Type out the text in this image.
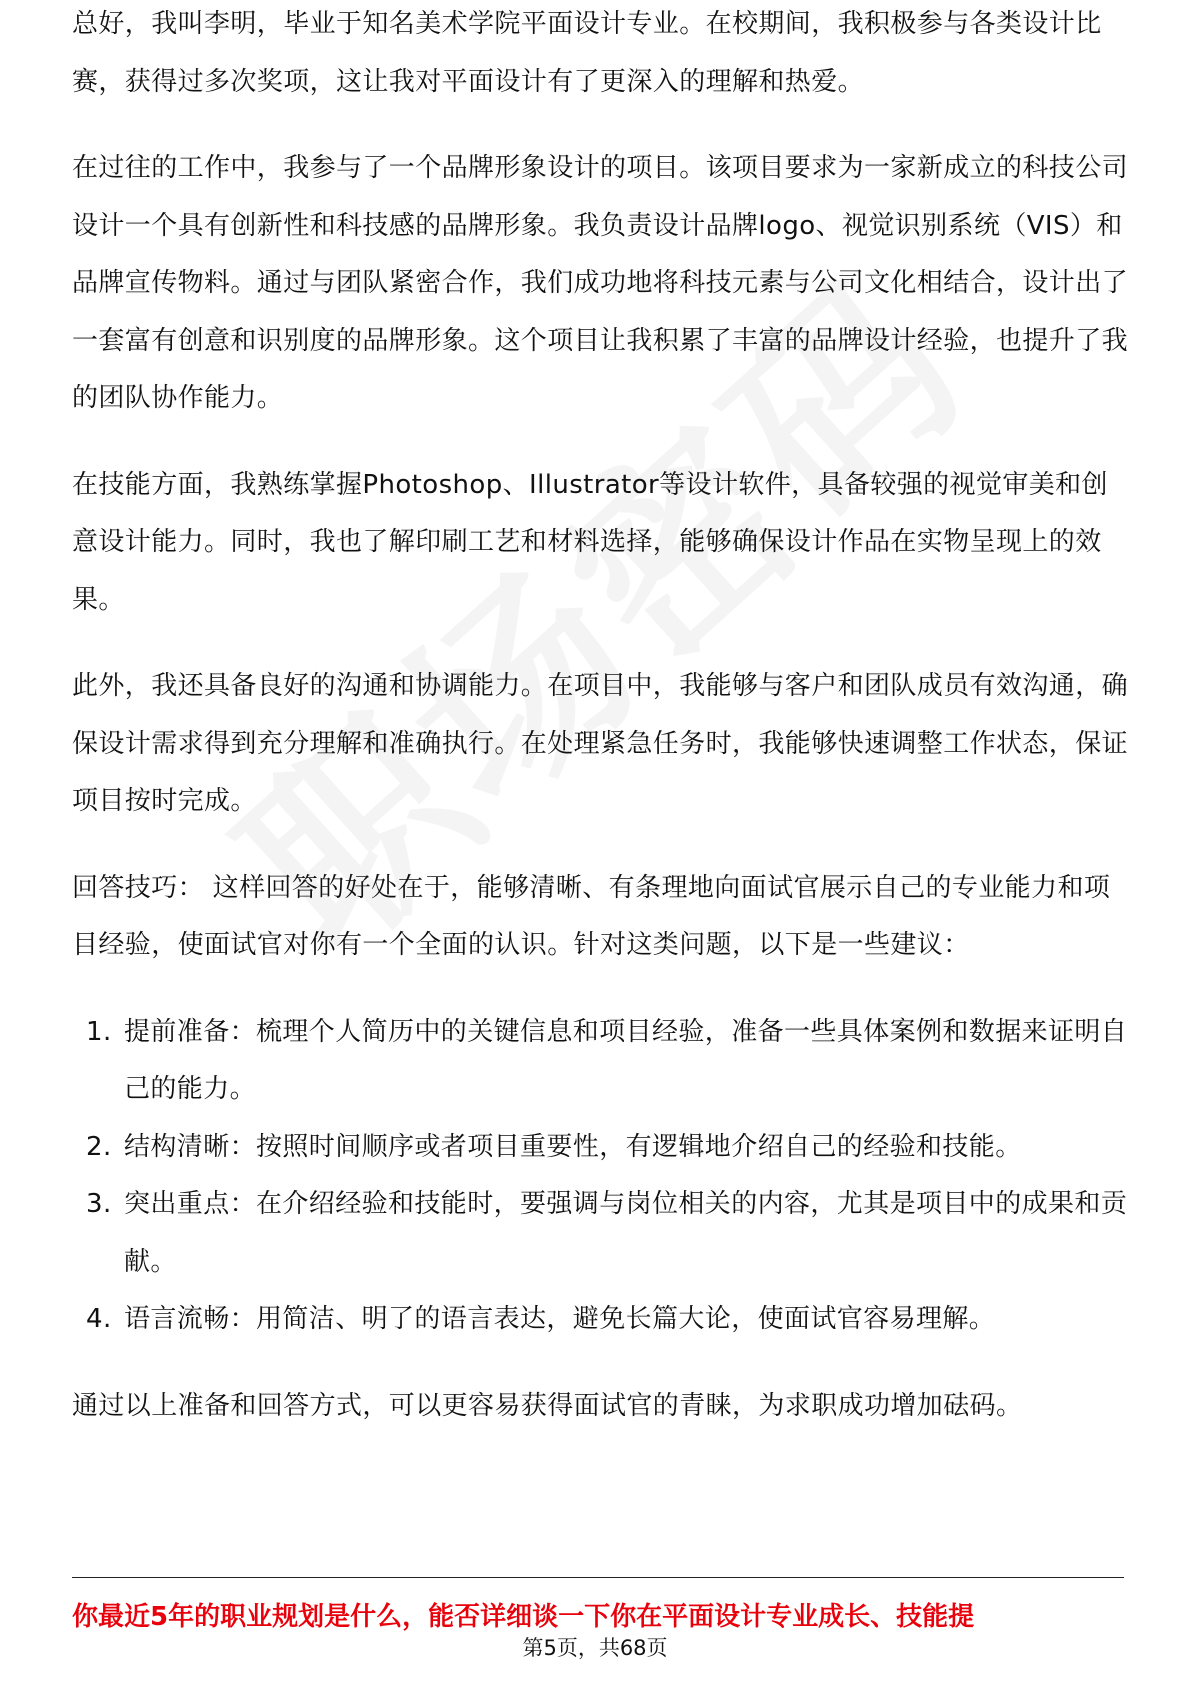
总好，我叫李明，毕业于知名美术学院平面设计专业。在校期间，我积极参与各类设计比赛，获得过多次奖项，这让我对平面设计有了更深入的理解和热爱。

在过往的工作中，我参与了一个品牌形象设计的项目。该项目要求为一家新成立的科技公司设计一个具有创新性和科技感的品牌形象。我负责设计品牌logo、视觉识别系统（VIS）和品牌宣传物料。通过与团队紧密合作，我们成功地将科技元素与公司文化相结合，设计出了一套富有创意和识别度的品牌形象。这个项目让我积累了丰富的品牌设计经验，也提升了我的团队协作能力。

在技能方面，我熟练掌握Photoshop、Illustrator等设计软件，具备较强的视觉审美和创意设计能力。同时，我也了解印刷工艺和材料选择，能够确保设计作品在实物呈现上的效果。

此外，我还具备良好的沟通和协调能力。在项目中，我能够与客户和团队成员有效沟通，确保设计需求得到充分理解和准确执行。在处理紧急任务时，我能够快速调整工作状态，保证项目按时完成。

回答技巧： 这样回答的好处在于，能够清晰、有条理地向面试官展示自己的专业能力和项目经验，使面试官对你有一个全面的认识。针对这类问题，以下是一些建议：

1. 提前准备：梳理个人简历中的关键信息和项目经验，准备一些具体案例和数据来证明自己的能力。
2. 结构清晰：按照时间顺序或者项目重要性，有逻辑地介绍自己的经验和技能。
3. 突出重点：在介绍经验和技能时，要强调与岗位相关的内容，尤其是项目中的成果和贡献。
4. 语言流畅：用简洁、明了的语言表达，避免长篇大论，使面试官容易理解。

通过以上准备和回答方式，可以更容易获得面试官的青睐，为求职成功增加砝码。

你最近5年的职业规划是什么，能否详细谈一下你在平面设计专业成长、技能提
第5页，共68页
